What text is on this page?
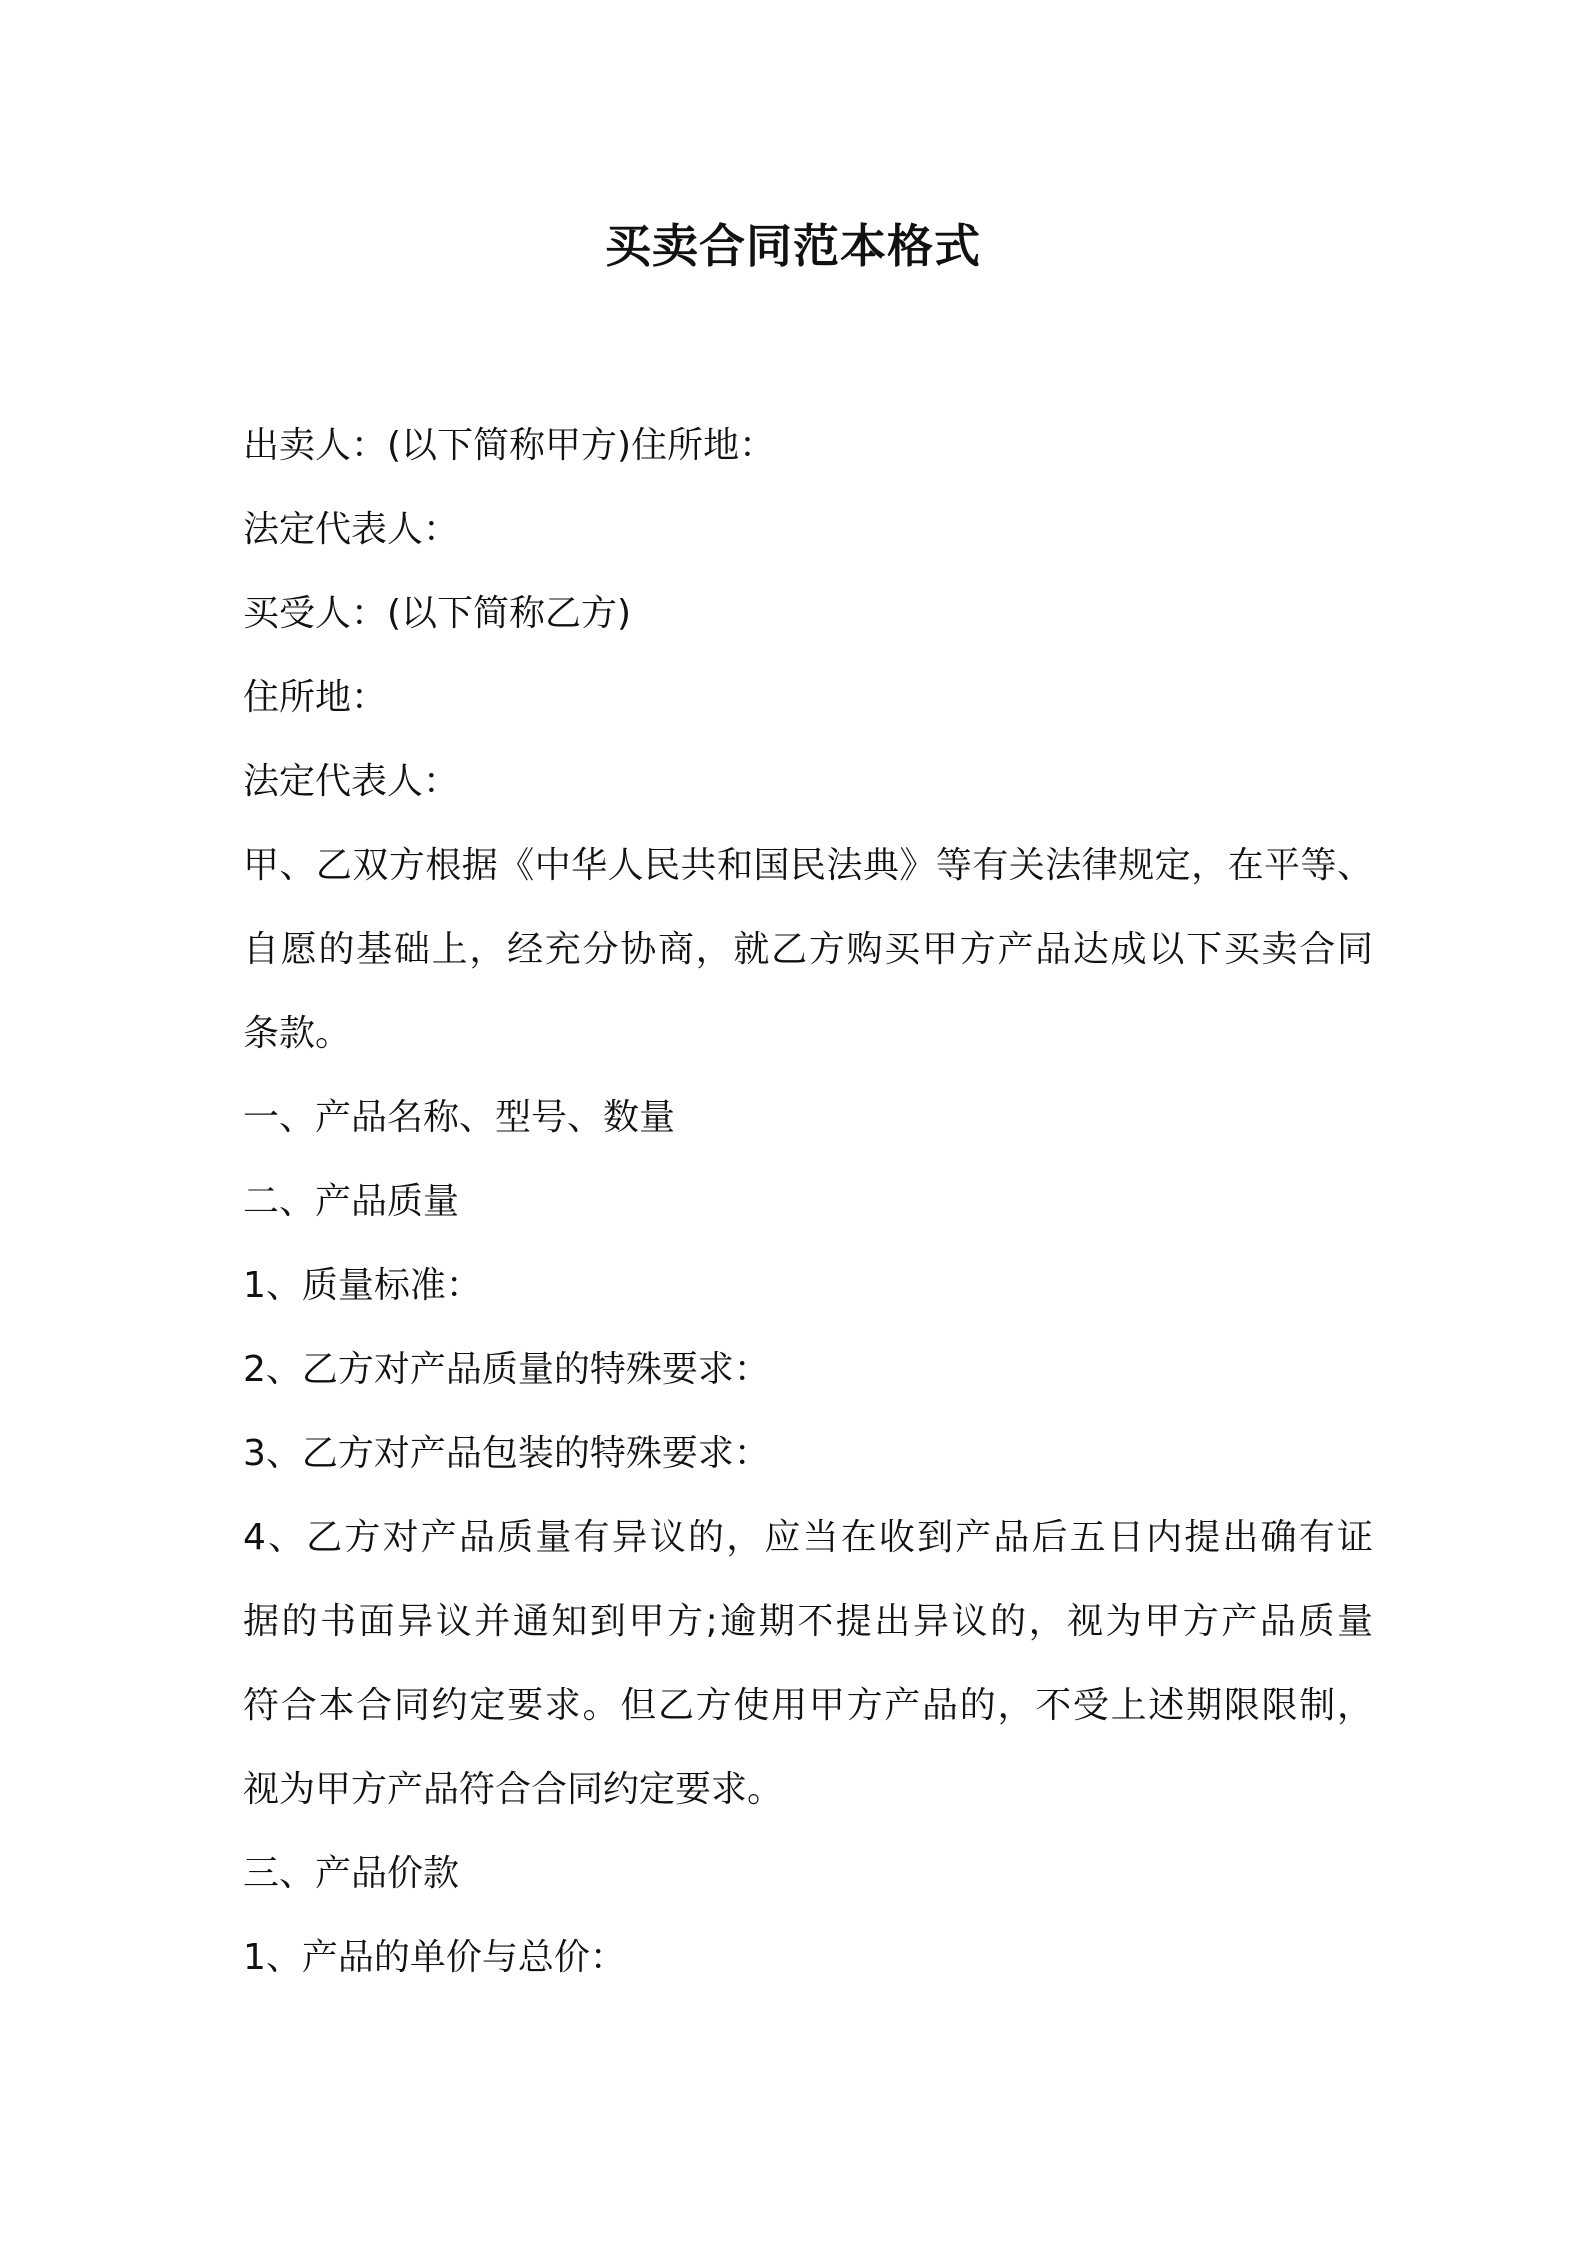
买卖合同范本格式
出卖人：(以下简称甲方)住所地：
法定代表人：
买受人：(以下简称乙方)
住所地：
法定代表人：
甲、乙双方根据《中华人民共和国民法典》等有关法律规定，在平等、
自愿的基础上，经充分协商，就乙方购买甲方产品达成以下买卖合同
条款。
一、产品名称、型号、数量
二、产品质量
1、质量标准：
2、乙方对产品质量的特殊要求：
3、乙方对产品包装的特殊要求：
4、乙方对产品质量有异议的，应当在收到产品后五日内提出确有证
据的书面异议并通知到甲方;逾期不提出异议的，视为甲方产品质量
符合本合同约定要求。但乙方使用甲方产品的，不受上述期限限制，
视为甲方产品符合合同约定要求。
三、产品价款
1、产品的单价与总价：
